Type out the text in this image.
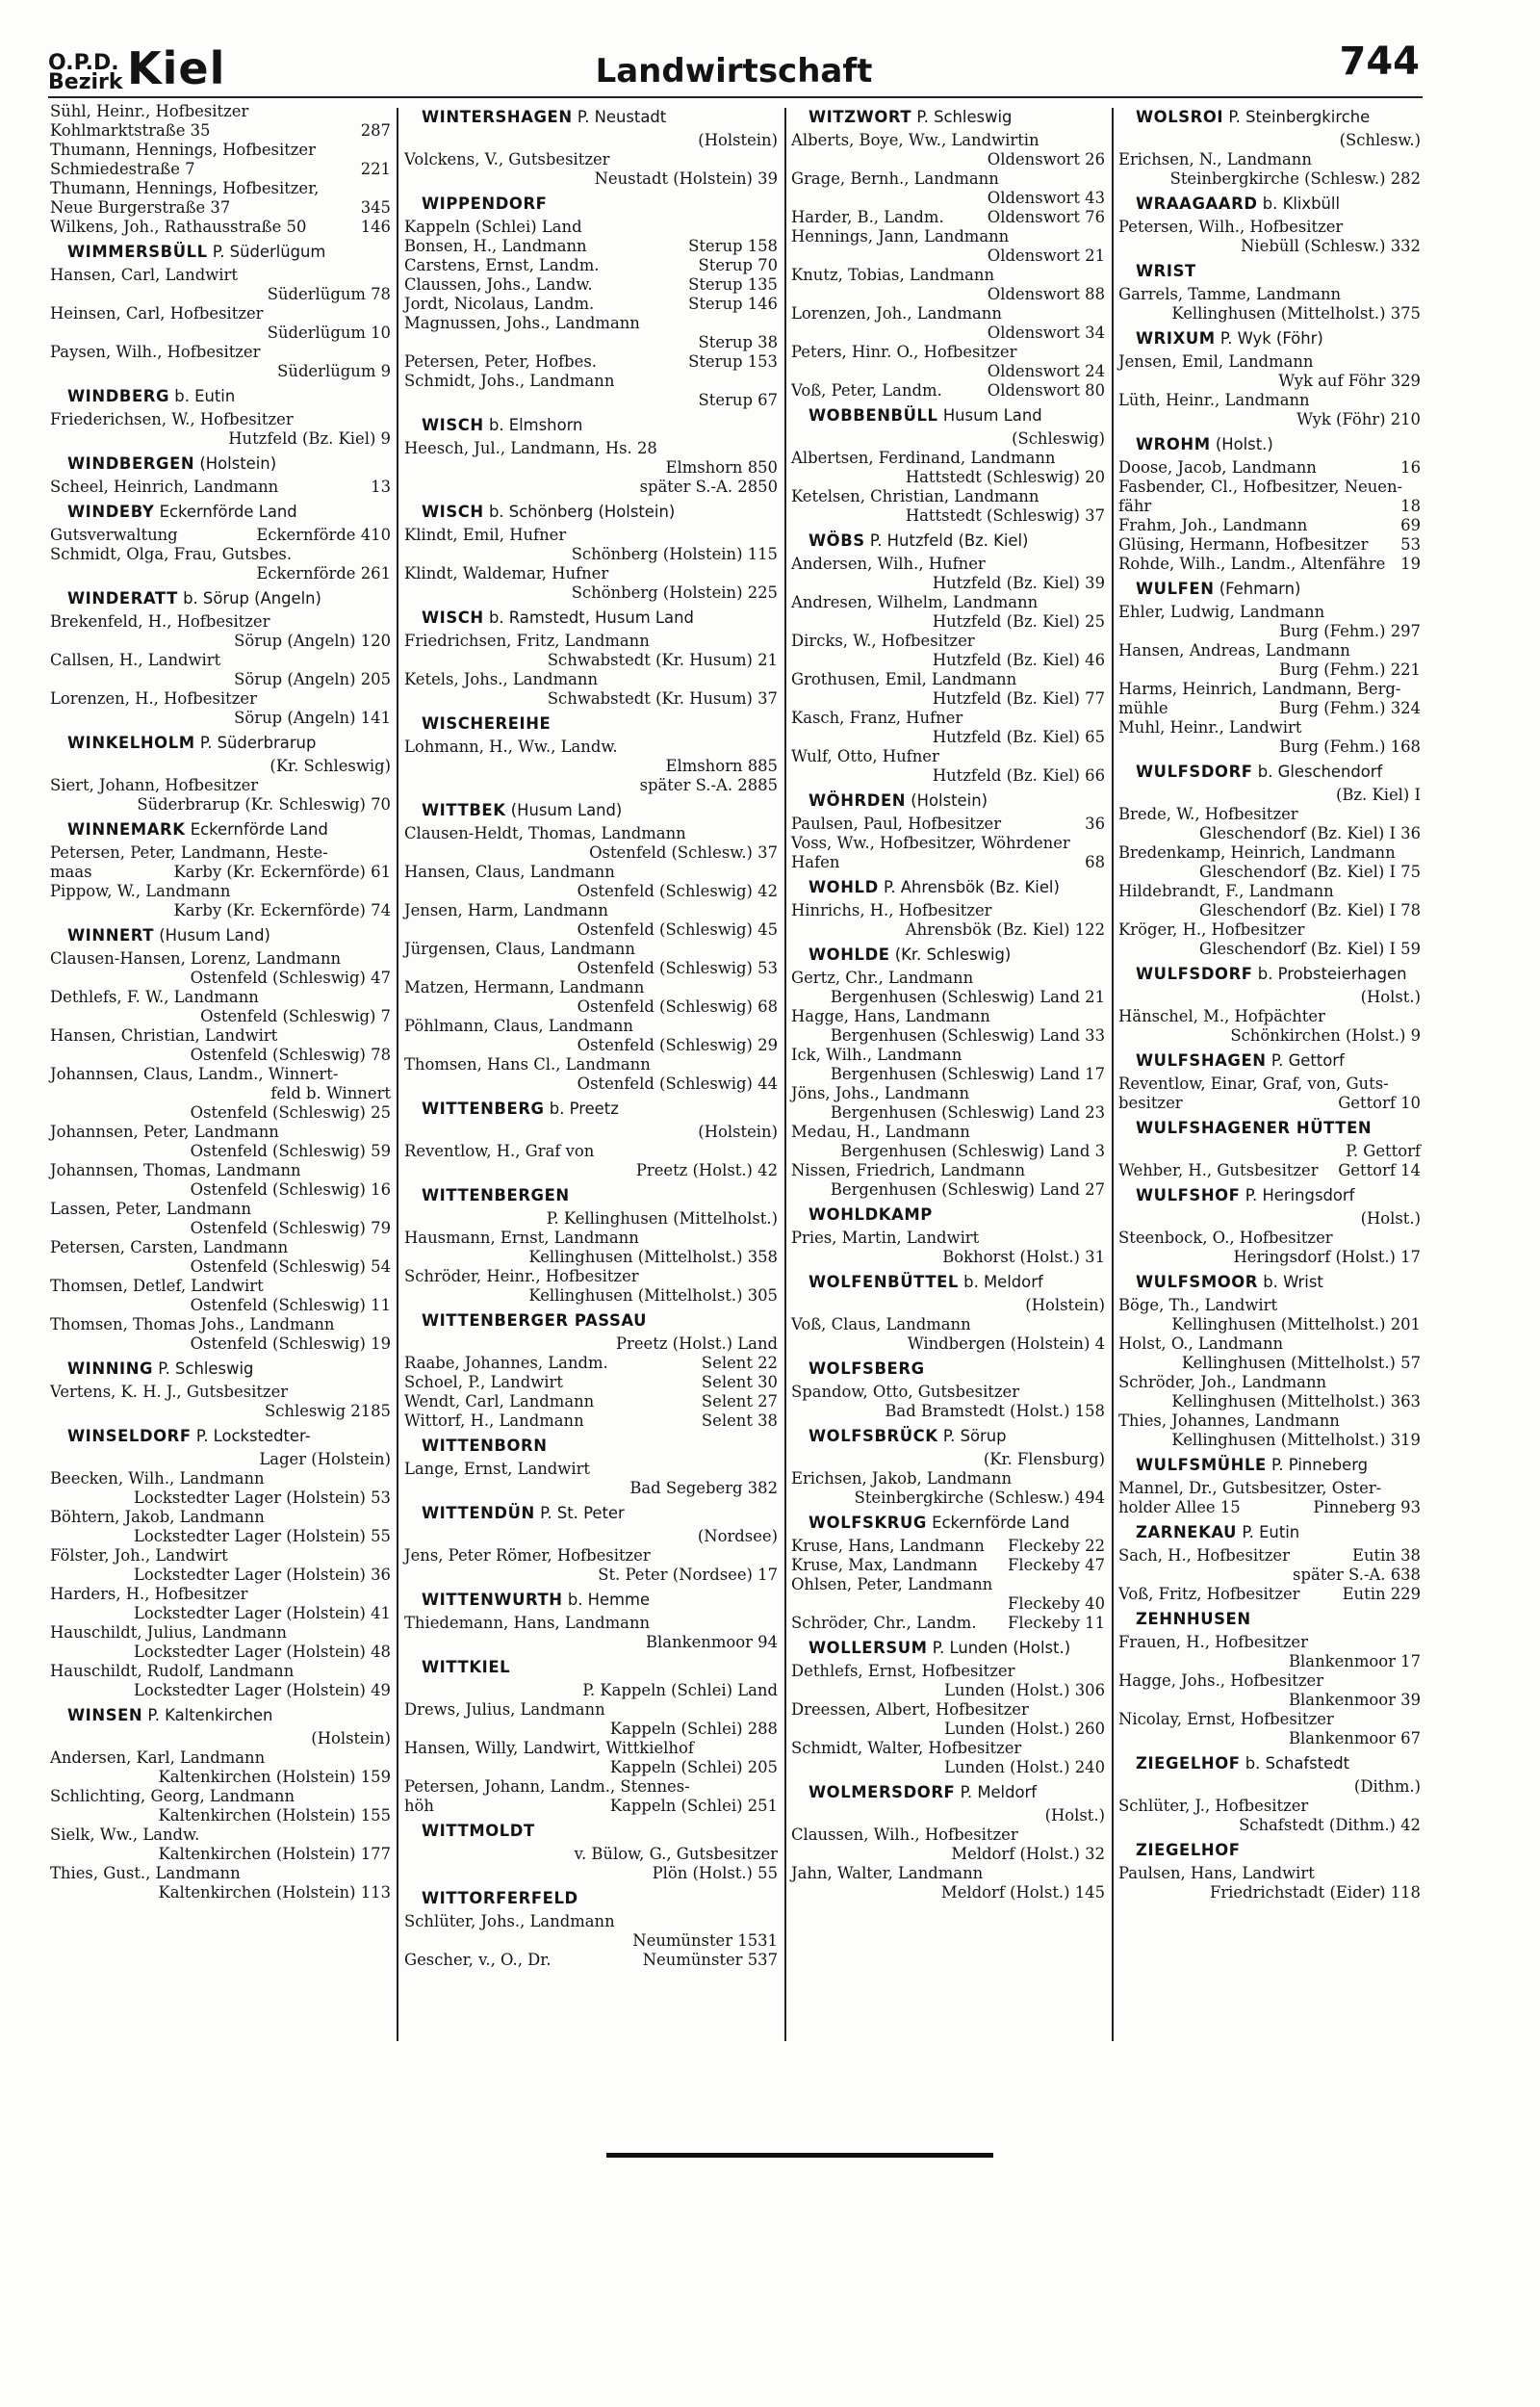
O.P.D.
Bezirk Kiel	Landwirtschaft	744
Sühl, Heinr., Hofbesitzer
Kohlmarktstraße 35	287
Thumann, Hennings, Hofbesitzer
Schmiedestraße 7	221
Thumann, Hennings, Hofbesitzer,
Neue Burgerstraße 37	345
Wilkens, Joh., Rathausstraße 50	146
WIMMERSBÜLL P. Süderlügum
Hansen, Carl, Landwirt
Süderlügum 78
Heinsen, Carl, Hofbesitzer
Süderlügum 10
Paysen, Wilh., Hofbesitzer
Süderlügum 9
WINDBERG b. Eutin
Friederichsen, W., Hofbesitzer
Hutzfeld (Bz. Kiel) 9
WINDBERGEN (Holstein)
Scheel, Heinrich, Landmann	13
WINDEBY Eckernförde Land
Gutsverwaltung	Eckernförde 410
Schmidt, Olga, Frau, Gutsbes.
Eckernförde 261
WINDERATT b. Sörup (Angeln)
Brekenfeld, H., Hofbesitzer
Sörup (Angeln) 120
Callsen, H., Landwirt
Sörup (Angeln) 205
Lorenzen, H., Hofbesitzer
Sörup (Angeln) 141
WINKELHOLM P. Süderbrarup
(Kr. Schleswig)
Siert, Johann, Hofbesitzer
Süderbrarup (Kr. Schleswig) 70
WINNEMARK Eckernförde Land
Petersen, Peter, Landmann, Heste-
maas	Karby (Kr. Eckernförde) 61
Pippow, W., Landmann
Karby (Kr. Eckernförde) 74
WINNERT (Husum Land)
Clausen-Hansen, Lorenz, Landmann
Ostenfeld (Schleswig) 47
Dethlefs, F. W., Landmann
Ostenfeld (Schleswig) 7
Hansen, Christian, Landwirt
Ostenfeld (Schleswig) 78
Johannsen, Claus, Landm., Winnert-
feld b. Winnert
Ostenfeld (Schleswig) 25
Johannsen, Peter, Landmann
Ostenfeld (Schleswig) 59
Johannsen, Thomas, Landmann
Ostenfeld (Schleswig) 16
Lassen, Peter, Landmann
Ostenfeld (Schleswig) 79
Petersen, Carsten, Landmann
Ostenfeld (Schleswig) 54
Thomsen, Detlef, Landwirt
Ostenfeld (Schleswig) 11
Thomsen, Thomas Johs., Landmann
Ostenfeld (Schleswig) 19
WINNING P. Schleswig
Vertens, K. H. J., Gutsbesitzer
Schleswig 2185
WINSELDORF P. Lockstedter-
Lager (Holstein)
Beecken, Wilh., Landmann
Lockstedter Lager (Holstein) 53
Böhtern, Jakob, Landmann
Lockstedter Lager (Holstein) 55
Fölster, Joh., Landwirt
Lockstedter Lager (Holstein) 36
Harders, H., Hofbesitzer
Lockstedter Lager (Holstein) 41
Hauschildt, Julius, Landmann
Lockstedter Lager (Holstein) 48
Hauschildt, Rudolf, Landmann
Lockstedter Lager (Holstein) 49
WINSEN P. Kaltenkirchen
(Holstein)
Andersen, Karl, Landmann
Kaltenkirchen (Holstein) 159
Schlichting, Georg, Landmann
Kaltenkirchen (Holstein) 155
Sielk, Ww., Landw.
Kaltenkirchen (Holstein) 177
Thies, Gust., Landmann
Kaltenkirchen (Holstein) 113
WINTERSHAGEN P. Neustadt
(Holstein)
Volckens, V., Gutsbesitzer
Neustadt (Holstein) 39
WIPPENDORF
Kappeln (Schlei) Land
Bonsen, H., Landmann	Sterup 158
Carstens, Ernst, Landm.	Sterup 70
Claussen, Johs., Landw.	Sterup 135
Jordt, Nicolaus, Landm.	Sterup 146
Magnussen, Johs., Landmann
Sterup 38
Petersen, Peter, Hofbes.	Sterup 153
Schmidt, Johs., Landmann
Sterup 67
WISCH b. Elmshorn
Heesch, Jul., Landmann, Hs. 28
Elmshorn 850
später S.-A. 2850
WISCH b. Schönberg (Holstein)
Klindt, Emil, Hufner
Schönberg (Holstein) 115
Klindt, Waldemar, Hufner
Schönberg (Holstein) 225
WISCH b. Ramstedt, Husum Land
Friedrichsen, Fritz, Landmann
Schwabstedt (Kr. Husum) 21
Ketels, Johs., Landmann
Schwabstedt (Kr. Husum) 37
WISCHEREIHE
Lohmann, H., Ww., Landw.
Elmshorn 885
später S.-A. 2885
WITTBEK (Husum Land)
Clausen-Heldt, Thomas, Landmann
Ostenfeld (Schlesw.) 37
Hansen, Claus, Landmann
Ostenfeld (Schleswig) 42
Jensen, Harm, Landmann
Ostenfeld (Schleswig) 45
Jürgensen, Claus, Landmann
Ostenfeld (Schleswig) 53
Matzen, Hermann, Landmann
Ostenfeld (Schleswig) 68
Pöhlmann, Claus, Landmann
Ostenfeld (Schleswig) 29
Thomsen, Hans Cl., Landmann
Ostenfeld (Schleswig) 44
WITTENBERG b. Preetz
(Holstein)
Reventlow, H., Graf von
Preetz (Holst.) 42
WITTENBERGEN
P. Kellinghusen (Mittelholst.)
Hausmann, Ernst, Landmann
Kellinghusen (Mittelholst.) 358
Schröder, Heinr., Hofbesitzer
Kellinghusen (Mittelholst.) 305
WITTENBERGER PASSAU
Preetz (Holst.) Land
Raabe, Johannes, Landm.	Selent 22
Schoel, P., Landwirt	Selent 30
Wendt, Carl, Landmann	Selent 27
Wittorf, H., Landmann	Selent 38
WITTENBORN
Lange, Ernst, Landwirt
Bad Segeberg 382
WITTENDÜN P. St. Peter
(Nordsee)
Jens, Peter Römer, Hofbesitzer
St. Peter (Nordsee) 17
WITTENWURTH b. Hemme
Thiedemann, Hans, Landmann
Blankenmoor 94
WITTKIEL
P. Kappeln (Schlei) Land
Drews, Julius, Landmann
Kappeln (Schlei) 288
Hansen, Willy, Landwirt, Wittkielhof
Kappeln (Schlei) 205
Petersen, Johann, Landm., Stennes-
höh	Kappeln (Schlei) 251
WITTMOLDT
v. Bülow, G., Gutsbesitzer
Plön (Holst.) 55
WITTORFERFELD
Schlüter, Johs., Landmann
Neumünster 1531
Gescher, v., O., Dr.	Neumünster 537
WITZWORT P. Schleswig
Alberts, Boye, Ww., Landwirtin
Oldenswort 26
Grage, Bernh., Landmann
Oldenswort 43
Harder, B., Landm.	Oldenswort 76
Hennings, Jann, Landmann
Oldenswort 21
Knutz, Tobias, Landmann
Oldenswort 88
Lorenzen, Joh., Landmann
Oldenswort 34
Peters, Hinr. O., Hofbesitzer
Oldenswort 24
Voß, Peter, Landm.	Oldenswort 80
WOBBENBÜLL Husum Land
(Schleswig)
Albertsen, Ferdinand, Landmann
Hattstedt (Schleswig) 20
Ketelsen, Christian, Landmann
Hattstedt (Schleswig) 37
WÖBS P. Hutzfeld (Bz. Kiel)
Andersen, Wilh., Hufner
Hutzfeld (Bz. Kiel) 39
Andresen, Wilhelm, Landmann
Hutzfeld (Bz. Kiel) 25
Dircks, W., Hofbesitzer
Hutzfeld (Bz. Kiel) 46
Grothusen, Emil, Landmann
Hutzfeld (Bz. Kiel) 77
Kasch, Franz, Hufner
Hutzfeld (Bz. Kiel) 65
Wulf, Otto, Hufner
Hutzfeld (Bz. Kiel) 66
WÖHRDEN (Holstein)
Paulsen, Paul, Hofbesitzer	36
Voss, Ww., Hofbesitzer, Wöhrdener
Hafen	68
WOHLD P. Ahrensbök (Bz. Kiel)
Hinrichs, H., Hofbesitzer
Ahrensbök (Bz. Kiel) 122
WOHLDE (Kr. Schleswig)
Gertz, Chr., Landmann
Bergenhusen (Schleswig) Land 21
Hagge, Hans, Landmann
Bergenhusen (Schleswig) Land 33
Ick, Wilh., Landmann
Bergenhusen (Schleswig) Land 17
Jöns, Johs., Landmann
Bergenhusen (Schleswig) Land 23
Medau, H., Landmann
Bergenhusen (Schleswig) Land 3
Nissen, Friedrich, Landmann
Bergenhusen (Schleswig) Land 27
WOHLDKAMP
Pries, Martin, Landwirt
Bokhorst (Holst.) 31
WOLFENBÜTTEL b. Meldorf
(Holstein)
Voß, Claus, Landmann
Windbergen (Holstein) 4
WOLFSBERG
Spandow, Otto, Gutsbesitzer
Bad Bramstedt (Holst.) 158
WOLFSBRÜCK P. Sörup
(Kr. Flensburg)
Erichsen, Jakob, Landmann
Steinbergkirche (Schlesw.) 494
WOLFSKRUG Eckernförde Land
Kruse, Hans, Landmann Fleckeby 22
Kruse, Max, Landmann Fleckeby 47
Ohlsen, Peter, Landmann
Fleckeby 40
Schröder, Chr., Landm. Fleckeby 11
WOLLERSUM P. Lunden (Holst.)
Dethlefs, Ernst, Hofbesitzer
Lunden (Holst.) 306
Dreessen, Albert, Hofbesitzer
Lunden (Holst.) 260
Schmidt, Walter, Hofbesitzer
Lunden (Holst.) 240
WOLMERSDORF P. Meldorf
(Holst.)
Claussen, Wilh., Hofbesitzer
Meldorf (Holst.) 32
Jahn, Walter, Landmann
Meldorf (Holst.) 145
WOLSROI P. Steinbergkirche
(Schlesw.)
Erichsen, N., Landmann
Steinbergkirche (Schlesw.) 282
WRAAGAARD b. Klixbüll
Petersen, Wilh., Hofbesitzer
Niebüll (Schlesw.) 332
WRIST
Garrels, Tamme, Landmann
Kellinghusen (Mittelholst.) 375
WRIXUM P. Wyk (Föhr)
Jensen, Emil, Landmann
Wyk auf Föhr 329
Lüth, Heinr., Landmann
Wyk (Föhr) 210
WROHM (Holst.)
Doose, Jacob, Landmann	16
Fasbender, Cl., Hofbesitzer, Neuen-
fähr	18
Frahm, Joh., Landmann	69
Glüsing, Hermann, Hofbesitzer 53
Rohde, Wilh., Landm., Altenfähre 19
WULFEN (Fehmarn)
Ehler, Ludwig, Landmann
Burg (Fehm.) 297
Hansen, Andreas, Landmann
Burg (Fehm.) 221
Harms, Heinrich, Landmann, Berg-
mühle	Burg (Fehm.) 324
Muhl, Heinr., Landwirt
Burg (Fehm.) 168
WULFSDORF b. Gleschendorf
(Bz. Kiel) I
Brede, W., Hofbesitzer
Gleschendorf (Bz. Kiel) I 36
Bredenkamp, Heinrich, Landmann
Gleschendorf (Bz. Kiel) I 75
Hildebrandt, F., Landmann
Gleschendorf (Bz. Kiel) I 78
Kröger, H., Hofbesitzer
Gleschendorf (Bz. Kiel) I 59
WULFSDORF b. Probsteierhagen
(Holst.)
Hänschel, M., Hofpächter
Schönkirchen (Holst.) 9
WULFSHAGEN P. Gettorf
Reventlow, Einar, Graf, von, Guts-
besitzer	Gettorf 10
WULFSHAGENER HÜTTEN
P. Gettorf
Wehber, H., Gutsbesitzer Gettorf 14
WULFSHOF P. Heringsdorf
(Holst.)
Steenbock, O., Hofbesitzer
Heringsdorf (Holst.) 17
WULFSMOOR b. Wrist
Böge, Th., Landwirt
Kellinghusen (Mittelholst.) 201
Holst, O., Landmann
Kellinghusen (Mittelholst.) 57
Schröder, Joh., Landmann
Kellinghusen (Mittelholst.) 363
Thies, Johannes, Landmann
Kellinghusen (Mittelholst.) 319
WULFSMÜHLE P. Pinneberg
Mannel, Dr., Gutsbesitzer, Oster-
holder Allee 15	Pinneberg 93
ZARNEKAU P. Eutin
Sach, H., Hofbesitzer	Eutin 38
später S.-A. 638
Voß, Fritz, Hofbesitzer	Eutin 229
ZEHNHUSEN
Frauen, H., Hofbesitzer
Blankenmoor 17
Hagge, Johs., Hofbesitzer
Blankenmoor 39
Nicolay, Ernst, Hofbesitzer
Blankenmoor 67
ZIEGELHOF b. Schafstedt
(Dithm.)
Schlüter, J., Hofbesitzer
Schafstedt (Dithm.) 42
ZIEGELHOF
Paulsen, Hans, Landwirt
Friedrichstadt (Eider) 118
